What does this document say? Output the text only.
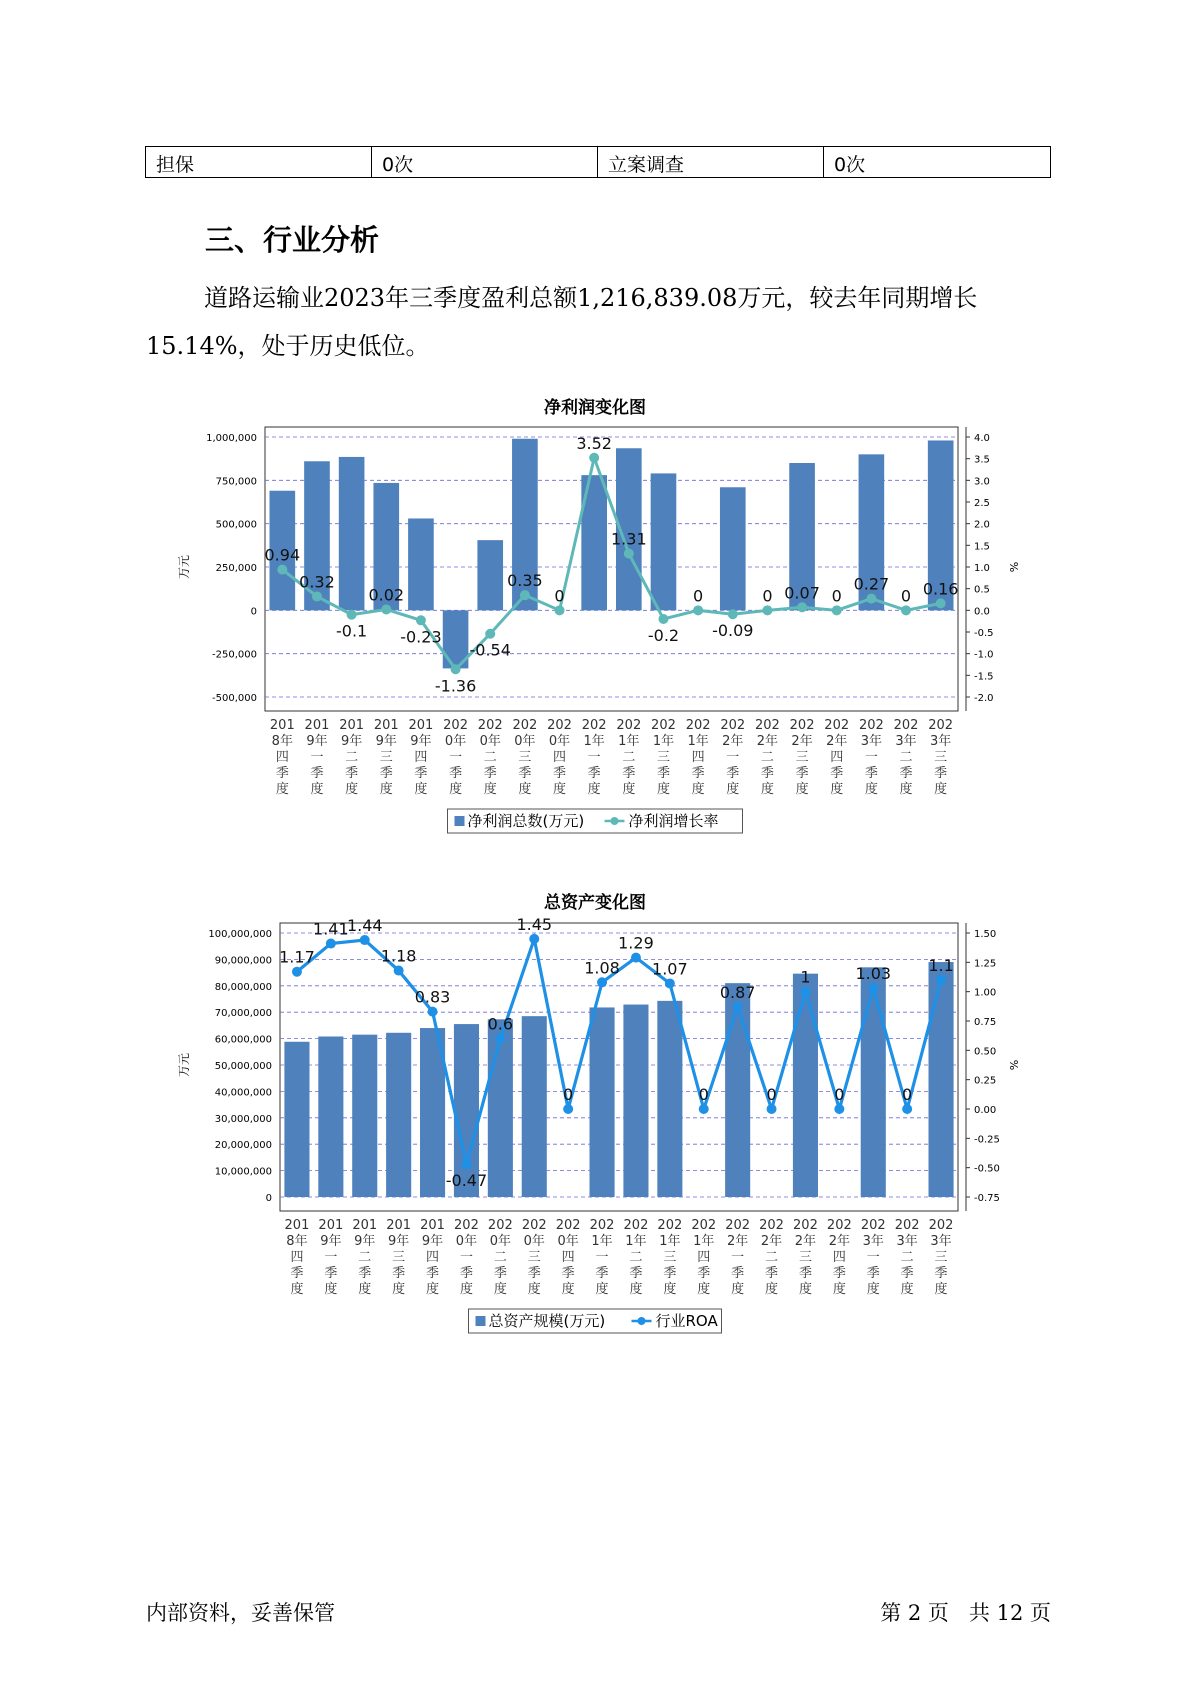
担保	0次	立案调查	0次
三、行业分析
道路运输业2023年三季度盈利总额1,216,839.08万元，较去年同期增长15.14%，处于历史低位。
净利润变化图
-500,000
-250,000
0
250,000
500,000
750,000
1,000,000
-2.0
-1.5
-1.0
-0.5
0.0
0.5
1.0
1.5
2.0
2.5
3.0
3.5
4.0
万元	%
0.94
0.32
-0.1
0.02
-0.23
-1.36
-0.54
0.35
0
3.52
1.31
-0.2
0
-0.09
0 0.07 0
0.27
0 0.16
201 8年四季度
201 9年一季度
201 9年二季度
201 9年三季度
201 9年四季度
202 0年一季度
202 0年二季度
202 0年三季度
202 0年四季度
202 1年一季度
202 1年二季度
202 1年三季度
202 1年四季度
202 2年一季度
202 2年二季度
202 2年三季度
202 2年四季度
202 3年一季度
202 3年二季度
202 3年三季度
净利润总数(万元)	净利润增长率
总资产变化图
0
10,000,000
20,000,000
30,000,000
40,000,000
50,000,000
60,000,000
70,000,000
80,000,000
90,000,000
100,000,000
-0.75
-0.50
-0.25
0.00
0.25
0.50
0.75
1.00
1.25
1.50
万元	%
1.17
1.41
1.44
1.18
0.83
-0.47
0.6
1.45
0
1.08
1.29
1.07
0
0.87
0
1
0
1.03
0
1.1
201 8年四季度
201 9年一季度
201 9年二季度
201 9年三季度
201 9年四季度
202 0年一季度
202 0年二季度
202 0年三季度
202 0年四季度
202 1年一季度
202 1年二季度
202 1年三季度
202 1年四季度
202 2年一季度
202 2年二季度
202 2年三季度
202 2年四季度
202 3年一季度
202 3年二季度
202 3年三季度
总资产规模(万元)	行业ROA
内部资料，妥善保管	第 2 页   共 12 页
